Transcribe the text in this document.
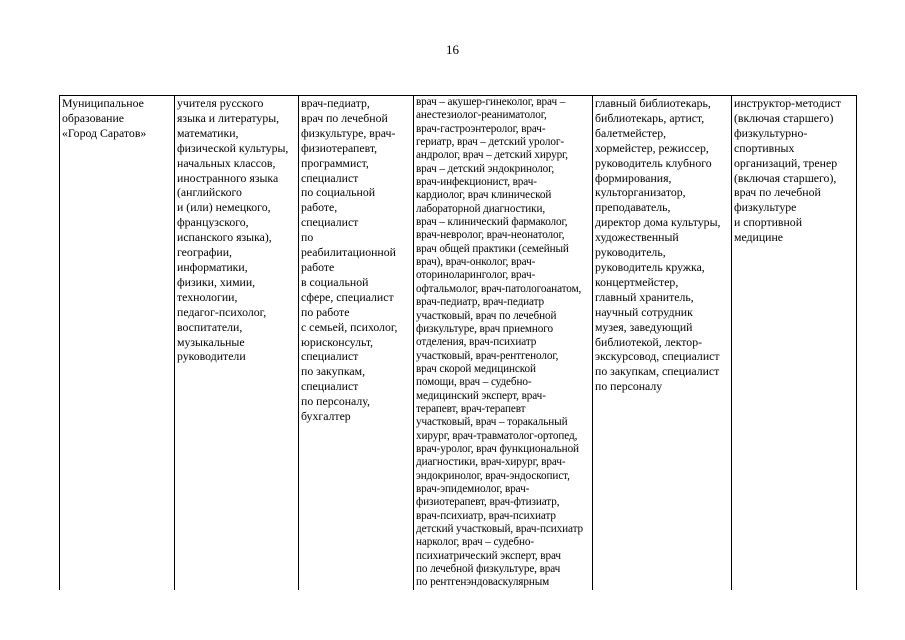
16
Муниципальное
образование
«Город Саратов»

учителя русского
языка и литературы,
математики,
физической культуры,
начальных классов,
иностранного языка
(английского
и (или) немецкого,
французского,
испанского языка),
географии,
информатики,
физики, химии,
технологии,
педагог-психолог,
воспитатели,
музыкальные
руководители

врач-педиатр,
врач по лечебной
физкультуре, врач-
физиотерапевт,
программист,
специалист
по социальной
работе,
специалист
по реабилитационной
работе
в социальной
сфере, специалист
по работе
с семьей, психолог,
юрисконсульт,
специалист
по закупкам,
специалист
по персоналу,
бухгалтер

врач – акушер-гинеколог, врач –
анестезиолог-реаниматолог,
врач-гастроэнтеролог, врач-
гериатр, врач – детский уролог-
андролог, врач – детский хирург,
врач – детский эндокринолог,
врач-инфекционист, врач-
кардиолог, врач клинической
лабораторной диагностики,
врач – клинический фармаколог,
врач-невролог, врач-неонатолог,
врач общей практики (семейный
врач), врач-онколог, врач-
оториноларинголог, врач-
офтальмолог, врач-патологоанатом,
врач-педиатр, врач-педиатр
участковый, врач по лечебной
физкультуре, врач приемного
отделения, врач-психиатр
участковый, врач-рентгенолог,
врач скорой медицинской
помощи, врач – судебно-
медицинский эксперт, врач-
терапевт, врач-терапевт
участковый, врач – торакальный
хирург, врач-травматолог-ортопед,
врач-уролог, врач функциональной
диагностики, врач-хирург, врач-
эндокринолог, врач-эндоскопист,
врач-эпидемиолог, врач-
физиотерапевт, врач-фтизиатр,
врач-психиатр, врач-психиатр
детский участковый, врач-психиатр
нарколог, врач – судебно-
психиатрический эксперт, врач
по лечебной физкультуре, врач
по рентгенэндоваскулярным

главный библиотекарь,
библиотекарь, артист,
балетмейстер,
хормейстер, режиссер,
руководитель клубного
формирования,
культорганизатор,
преподаватель,
директор дома культуры,
художественный
руководитель,
руководитель кружка,
концертмейстер,
главный хранитель,
научный сотрудник
музея, заведующий
библиотекой, лектор-
экскурсовод, специалист
по закупкам, специалист
по персоналу

инструктор-методист
(включая старшего)
физкультурно-
спортивных
организаций, тренер
(включая старшего),
врач по лечебной
физкультуре
и спортивной
медицине
